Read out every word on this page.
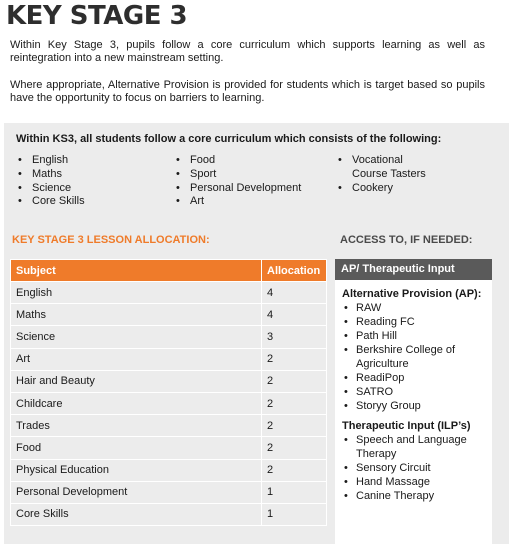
KEY STAGE 3

Within Key Stage 3, pupils follow a core curriculum which supports learning as well as reintegration into a new mainstream setting.

Where appropriate, Alternative Provision is provided for students which is target based so pupils have the opportunity to focus on barriers to learning.

Within KS3, all students follow a core curriculum which consists of the following:
• English
• Maths
• Science
• Core Skills
• Food
• Sport
• Personal Development
• Art
• Vocational
Course Tasters
• Cookery
KEY STAGE 3 LESSON ALLOCATION:	ACCESS TO, IF NEEDED:
Subject	Allocation
English	4
Maths	4
Science	3
Art	2
Hair and Beauty	2
Childcare	2
Trades	2
Food	2
Physical Education	2
Personal Development	1
Core Skills	1
AP/ Therapeutic Input
Alternative Provision (AP):
• RAW
• Reading FC
• Path Hill
• Berkshire College of Agriculture
• ReadiPop
• SATRO
• Storyy Group
Therapeutic Input (ILP’s)
• Speech and Language Therapy
• Sensory Circuit
• Hand Massage
• Canine Therapy
